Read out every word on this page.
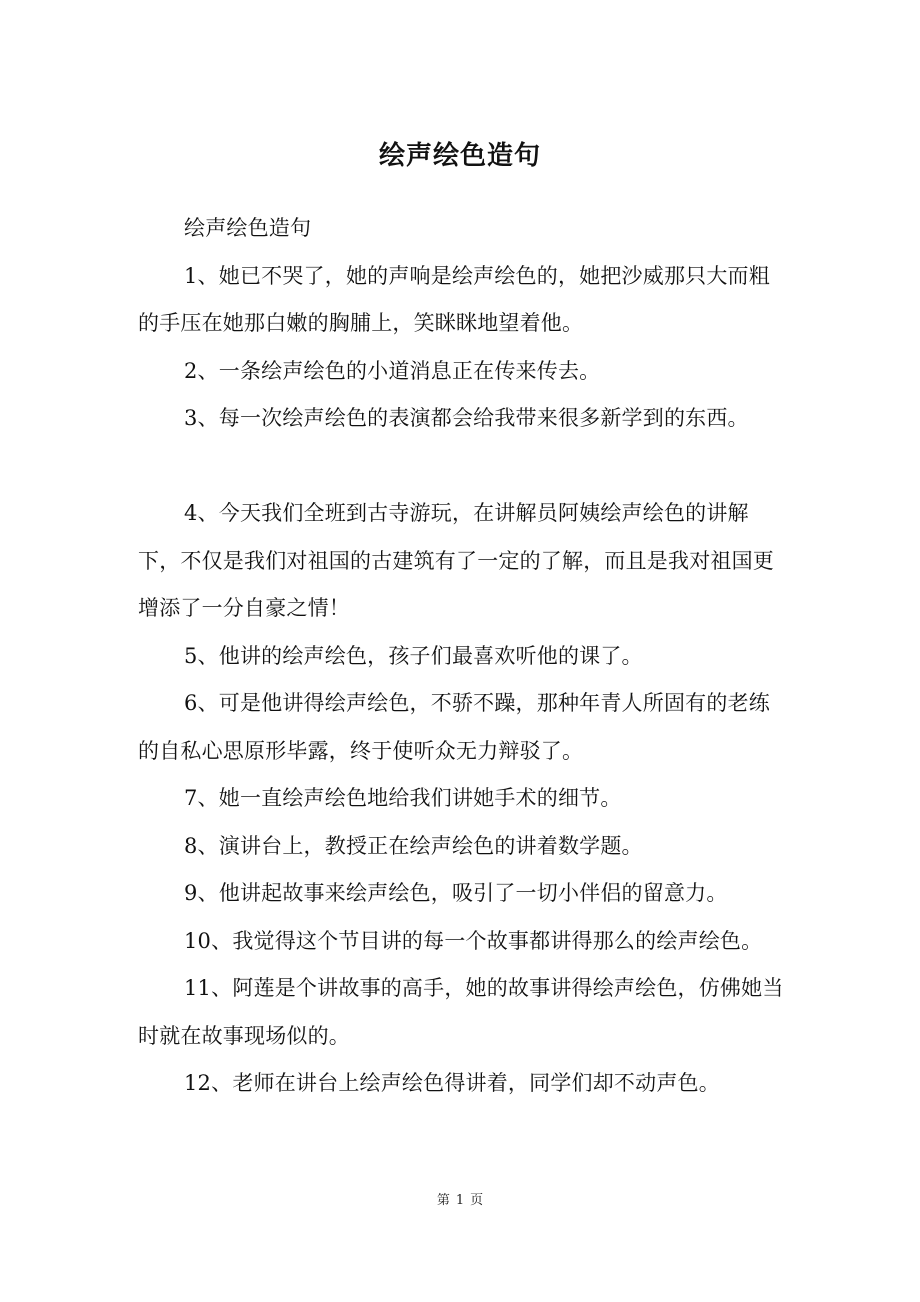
绘声绘色造句

绘声绘色造句

1、她已不哭了，她的声响是绘声绘色的，她把沙威那只大而粗的手压在她那白嫩的胸脯上，笑眯眯地望着他。

2、一条绘声绘色的小道消息正在传来传去。

3、每一次绘声绘色的表演都会给我带来很多新学到的东西。

4、今天我们全班到古寺游玩，在讲解员阿姨绘声绘色的讲解下，不仅是我们对祖国的古建筑有了一定的了解，而且是我对祖国更增添了一分自豪之情！

5、他讲的绘声绘色，孩子们最喜欢听他的课了。

6、可是他讲得绘声绘色，不骄不躁，那种年青人所固有的老练的自私心思原形毕露，终于使听众无力辩驳了。

7、她一直绘声绘色地给我们讲她手术的细节。

8、演讲台上，教授正在绘声绘色的讲着数学题。

9、他讲起故事来绘声绘色，吸引了一切小伴侣的留意力。

10、我觉得这个节目讲的每一个故事都讲得那么的绘声绘色。

11、阿莲是个讲故事的高手，她的故事讲得绘声绘色，仿佛她当时就在故事现场似的。

12、老师在讲台上绘声绘色得讲着，同学们却不动声色。

第 1 页
